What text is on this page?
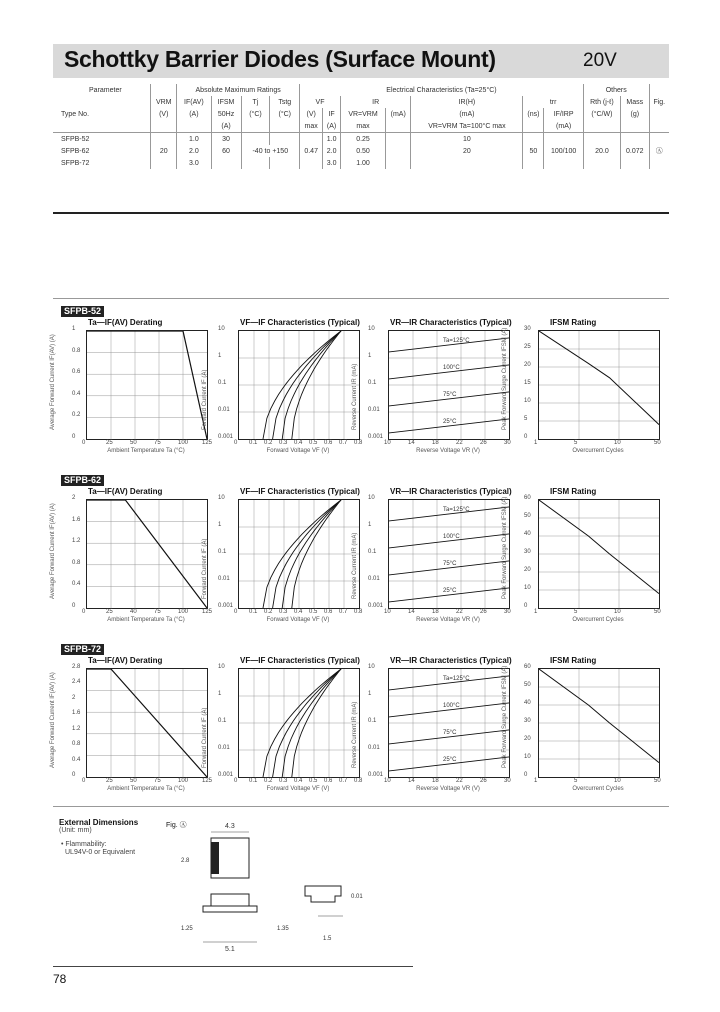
Schottky Barrier Diodes (Surface Mount)	20V
Parameter		Absolute Maximum Ratings				Electrical Characteristics (Ta=25°C)							Others		
	VRM	IF(AV)	IFSM	Tj	Tstg	VF		IR		IR(H)	trr		Rth (j-ℓ)	Mass	Fig.
Type No.	(V)	(A)	50Hz	(°C)	(°C)	(V)	IF	VR=VRM	(mA)	(mA)	(ns)	IF/IRP	(°C/W)	(g)	
			(A)			max	(A)	max		VR=VRM Ta=100°C max		(mA)			
SFPB-52		1.0	30				1.0	0.25		10					
SFPB-62	20	2.0	60	-40 to +150		0.47	2.0	0.50		20	50	100/100	20.0	0.072	Ⓐ
SFPB-72		3.0					3.0	1.00							
SFPB-52
Ta—IF(AV) Derating
0
0.2
0.4
0.6
0.8
1
0	25	50	75	100 125
Ambient Temperature Ta (°C)
Average Forward Current IF(AV) (A)
VF—IF Characteristics (Typical)
0.001
0.01
0.1
1
10
0 0.1 0.2 0.3 0.4 0.5 0.6 0.7 0.8
Forward Voltage VF (V)
Forward Current IF (A)
VR—IR Characteristics (Typical)
Ta=125°C
100°C
75°C
25°C
0.001
0.01
0.1
1
10
10	14	18	22	26	30
Reverse Voltage VR (V)
Reverse Current IR (mA)
IFSM Rating
0
5
10
15
20
25
30
1	5	10	50
Overcurrent Cycles
Peak Forward Surge Current IFSM (A)
SFPB-62
Ta—IF(AV) Derating
0
0.4
0.8
1.2
1.6
2
0	25	40	75	100 125
Ambient Temperature Ta (°C)
Average Forward Current IF(AV) (A)
VF—IF Characteristics (Typical)
0.001
0.01
0.1
1
10
0 0.1 0.2 0.3 0.4 0.5 0.6 0.7 0.8
Forward Voltage VF (V)
Forward Current IF (A)
VR—IR Characteristics (Typical)
Ta=125°C
100°C
75°C
25°C
0.001
0.01
0.1
1
10
10	14	18	22	26	30
Reverse Voltage VR (V)
Reverse Current IR (mA)
IFSM Rating
0
10
20
30
40
50
60
1	5	10	50
Overcurrent Cycles
Peak Forward Surge Current IFSM (A)
SFPB-72
Ta—IF(AV) Derating
0
0.4
0.8
1.2
1.6
2
2.4
2.8
0	25	50	75	100 125
Ambient Temperature Ta (°C)
Average Forward Current IF(AV) (A)
VF—IF Characteristics (Typical)
0.001
0.01
0.1
1
10
0 0.1 0.2 0.3 0.4 0.5 0.6 0.7 0.8
Forward Voltage VF (V)
Forward Current IF (A)
VR—IR Characteristics (Typical)
Ta=125°C
100°C
75°C
25°C
0.001
0.01
0.1
1
10
10	14	18	22	26	30
Reverse Voltage VR (V)
Reverse Current IR (mA)
IFSM Rating
0
10
20
30
40
50
60
1	5	10	50
Overcurrent Cycles
Peak Forward Surge Current IFSM (A)
External Dimensions
(Unit: mm)
Fig. Ⓐ
• Flammability:
UL94V-0 or Equivalent
4.3
2.8
5.1
1.25	1.35
1.5
0.01
78
